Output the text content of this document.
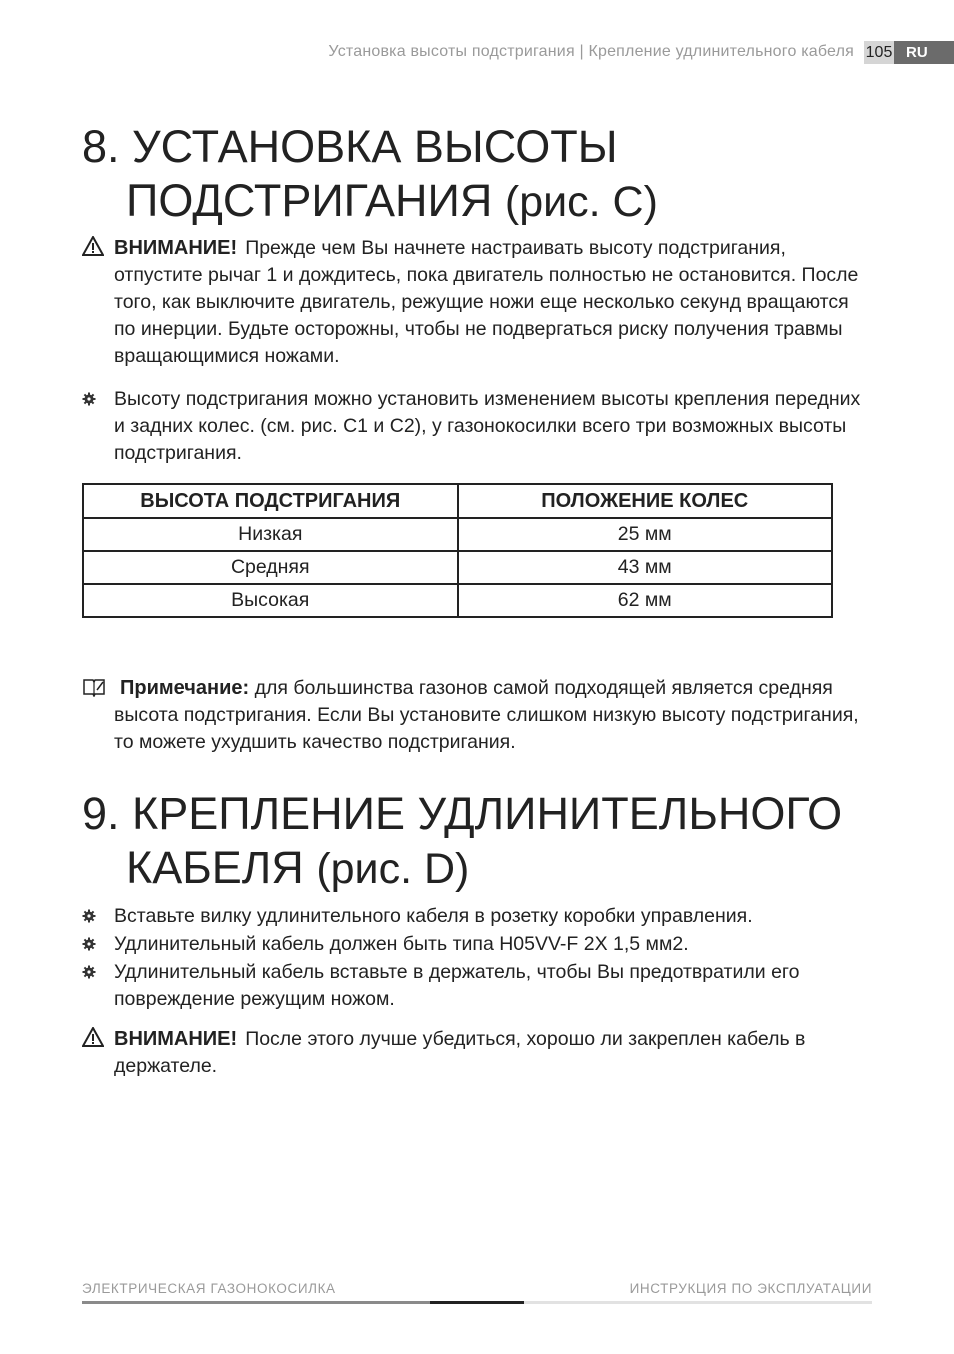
Установка высоты подстригания | Крепление удлинительного кабеля 105 RU
8. УСТАНОВКА ВЫСОТЫ
ПОДСТРИГАНИЯ (рис. С)
ВНИМАНИЕ! Прежде чем Вы начнете настраивать высоту подстригания, отпустите рычаг 1 и дождитесь, пока двигатель полностью не остановится. После того, как выключите двигатель, режущие ножи еще несколько секунд вращаются по инерции. Будьте осторожны, чтобы не подвергаться риску получения травмы вращающимися ножами.
Высоту подстригания можно установить изменением высоты крепления передних и задних колес. (см. рис. С1 и С2), у газонокосилки всего три возможных высоты подстригания.
ВЫСОТА ПОДСТРИГАНИЯ	ПОЛОЖЕНИЕ КОЛЕС
Низкая	25 мм
Средняя	43 мм
Высокая	62 мм
Примечание: для большинства газонов самой подходящей является средняя высота подстригания. Если Вы установите слишком низкую высоту подстригания, то можете ухудшить качество подстригания.
9. КРЕПЛЕНИЕ УДЛИНИТЕЛЬНОГО
КАБЕЛЯ (рис. D)
Вставьте вилку удлинительного кабеля в розетку коробки управления.
Удлинительный кабель должен быть типа H05VV-F 2X 1,5 мм2.
Удлинительный кабель вставьте в держатель, чтобы Вы предотвратили его повреждение режущим ножом.
ВНИМАНИЕ! После этого лучше убедиться, хорошо ли закреплен кабель в держателе.
ЭЛЕКТРИЧЕСКАЯ ГАЗОНОКОСИЛКА	ИНСТРУКЦИЯ ПО ЭКСПЛУАТАЦИИ
